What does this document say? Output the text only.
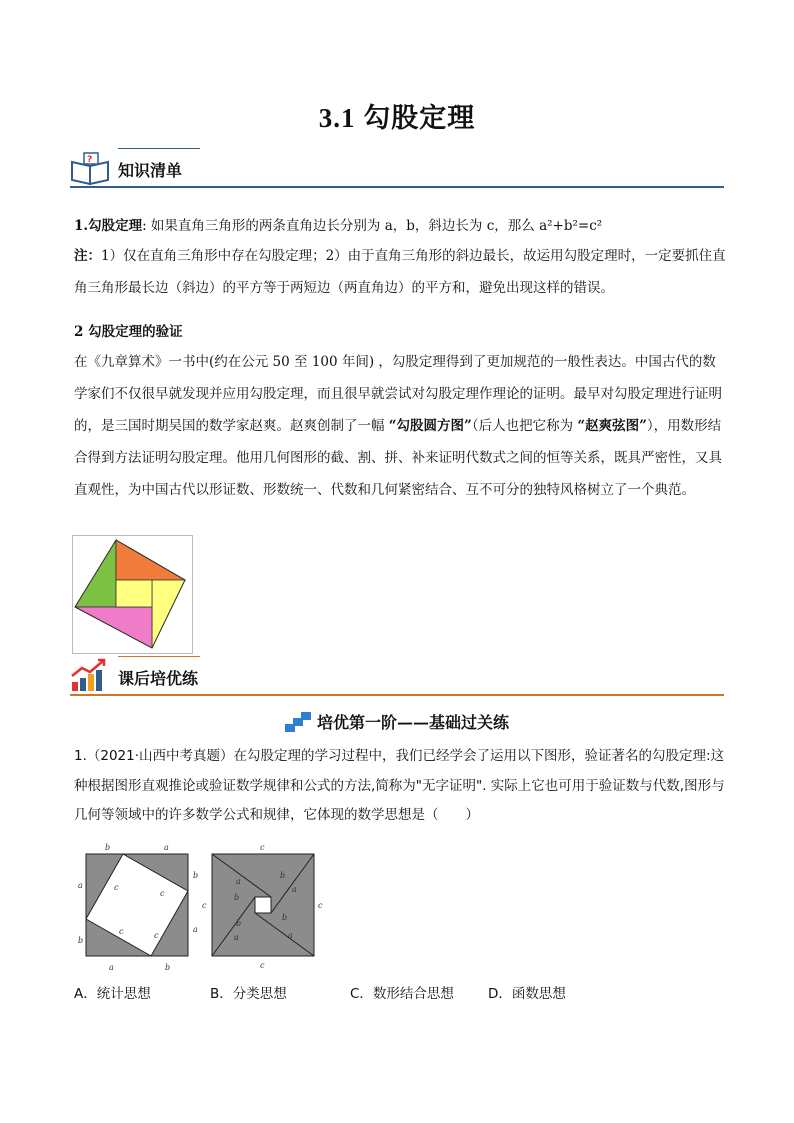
3.1 勾股定理
?
知识清单
1.勾股定理: 如果直角三角形的两条直角边长分别为 a，b，斜边长为 c，那么 a²+b²=c²
注：1）仅在直角三角形中存在勾股定理；2）由于直角三角形的斜边最长，故运用勾股定理时，一定要抓住直角三角形最长边（斜边）的平方等于两短边（两直角边）的平方和，避免出现这样的错误。
2 勾股定理的验证
在《九章算术》一书中(约在公元 50 至 100 年间) ，勾股定理得到了更加规范的一般性表达。中国古代的数学家们不仅很早就发现并应用勾股定理，而且很早就尝试对勾股定理作理论的证明。最早对勾股定理进行证明的，是三国时期吴国的数学家赵爽。赵爽创制了一幅 “勾股圆方图”（后人也把它称为 “赵爽弦图”），用数形结合得到方法证明勾股定理。他用几何图形的截、割、拼、补来证明代数式之间的恒等关系，既具严密性，又具直观性，为中国古代以形证数、形数统一、代数和几何紧密结合、互不可分的独特风格树立了一个典范。
课后培优练
培优第一阶——基础过关练
1.（2021·山西中考真题）在勾股定理的学习过程中，我们已经学会了运用以下图形，验证著名的勾股定理:这种根据图形直观推论或验证数学规律和公式的方法,简称为"无字证明". 实际上它也可用于验证数与代数,图形与几何等领域中的许多数学公式和规律，它体现的数学思想是（　　）
b	a
a
b
b
a
a	b
c
c
c	c
c
c	c
c
a
b
b
a
b
a
b
a
A．统计思想	B．分类思想	C．数形结合思想	D．函数思想
